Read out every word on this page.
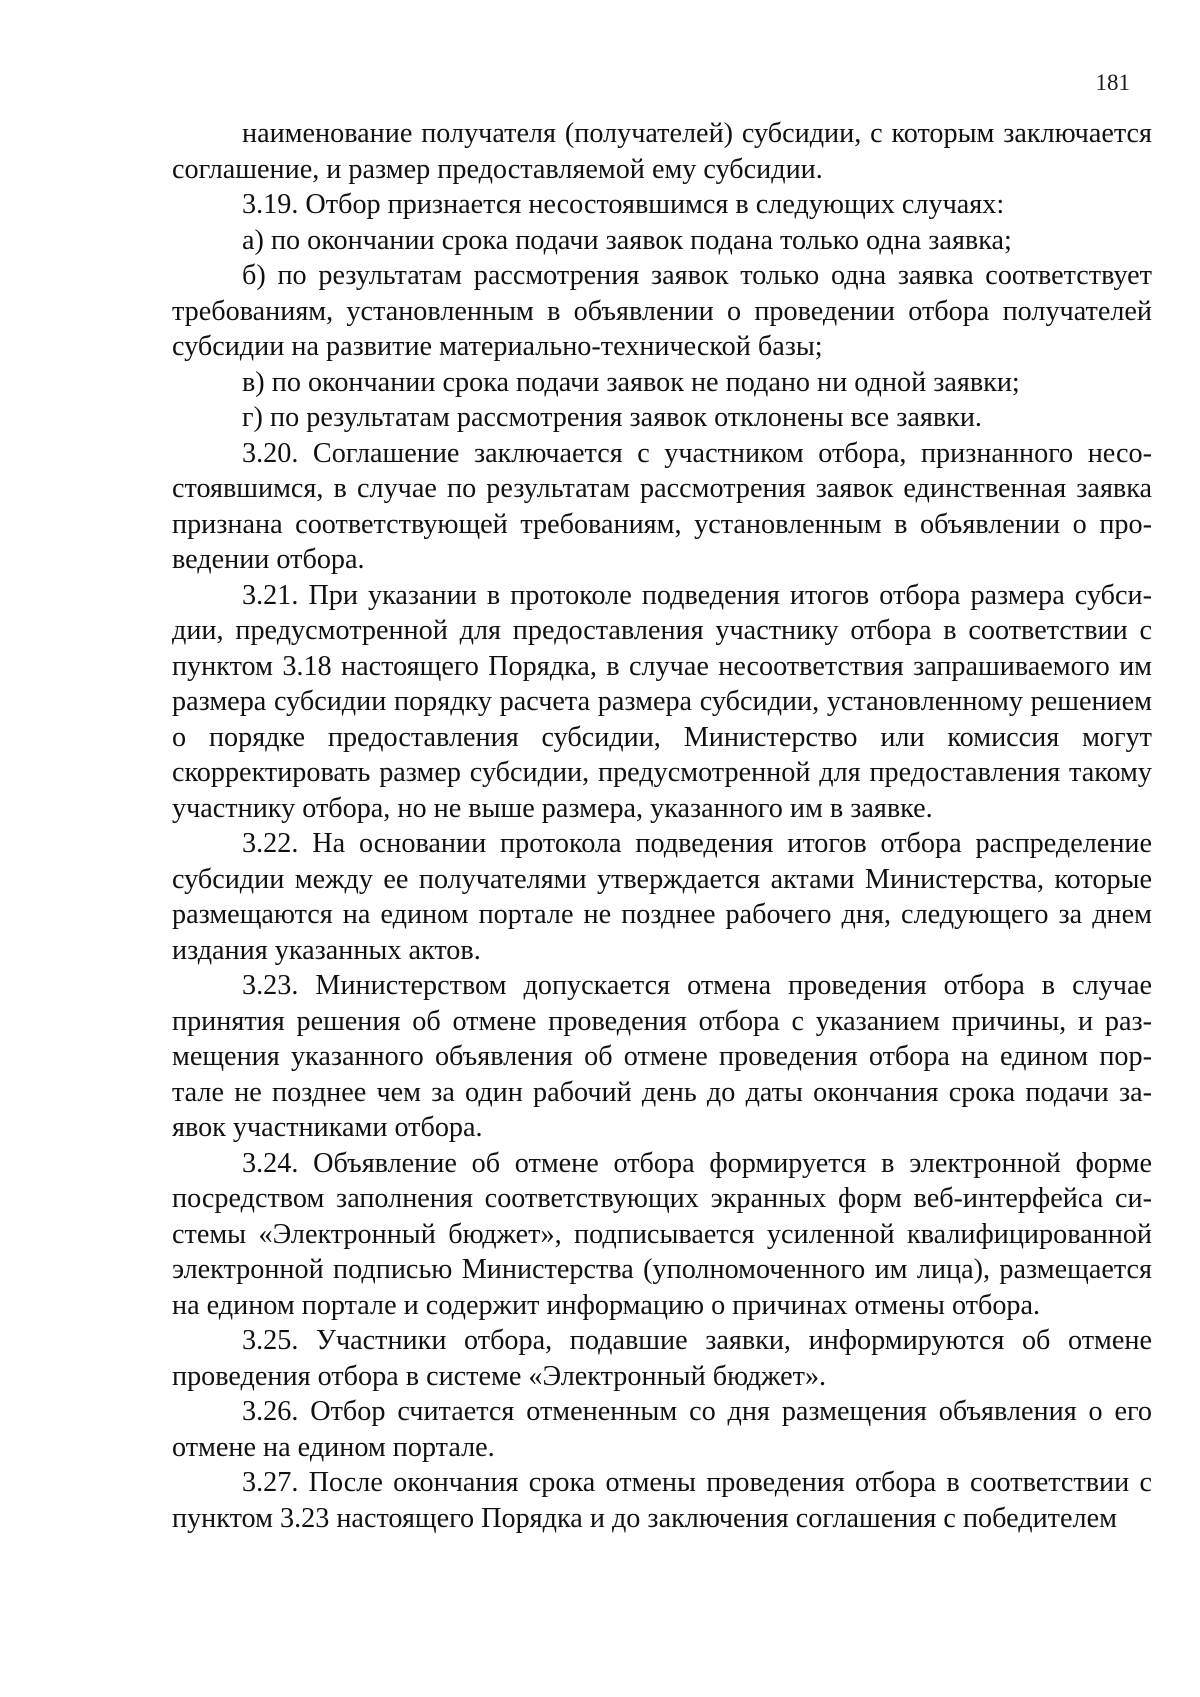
181

наименование получателя (получателей) субсидии, с которым заключается соглашение, и размер предоставляемой ему субсидии.

3.19. Отбор признается несостоявшимся в следующих случаях:

а) по окончании срока подачи заявок подана только одна заявка;

б) по результатам рассмотрения заявок только одна заявка соответствует требованиям, установленным в объявлении о проведении отбора получателей субсидии на развитие материально-технической базы;

в) по окончании срока подачи заявок не подано ни одной заявки;

г) по результатам рассмотрения заявок отклонены все заявки.

3.20. Соглашение заключается с участником отбора, признанного несостоявшимся, в случае по результатам рассмотрения заявок единственная заявка признана соответствующей требованиям, установленным в объявлении о проведении отбора.

3.21. При указании в протоколе подведения итогов отбора размера субсидии, предусмотренной для предоставления участнику отбора в соответствии с пунктом 3.18 настоящего Порядка, в случае несоответствия запрашиваемого им размера субсидии порядку расчета размера субсидии, установленному решением о порядке предоставления субсидии, Министерство или комиссия могут скорректировать размер субсидии, предусмотренной для предоставления такому участнику отбора, но не выше размера, указанного им в заявке.

3.22. На основании протокола подведения итогов отбора распределение субсидии между ее получателями утверждается актами Министерства, которые размещаются на едином портале не позднее рабочего дня, следующего за днем издания указанных актов.

3.23. Министерством допускается отмена проведения отбора в случае принятия решения об отмене проведения отбора с указанием причины, и размещения указанного объявления об отмене проведения отбора на едином портале не позднее чем за один рабочий день до даты окончания срока подачи заявок участниками отбора.

3.24. Объявление об отмене отбора формируется в электронной форме посредством заполнения соответствующих экранных форм веб-интерфейса системы «Электронный бюджет», подписывается усиленной квалифицированной электронной подписью Министерства (уполномоченного им лица), размещается на едином портале и содержит информацию о причинах отмены отбора.

3.25. Участники отбора, подавшие заявки, информируются об отмене проведения отбора в системе «Электронный бюджет».

3.26. Отбор считается отмененным со дня размещения объявления о его отмене на едином портале.

3.27. После окончания срока отмены проведения отбора в соответствии с пунктом 3.23 настоящего Порядка и до заключения соглашения с победителем
